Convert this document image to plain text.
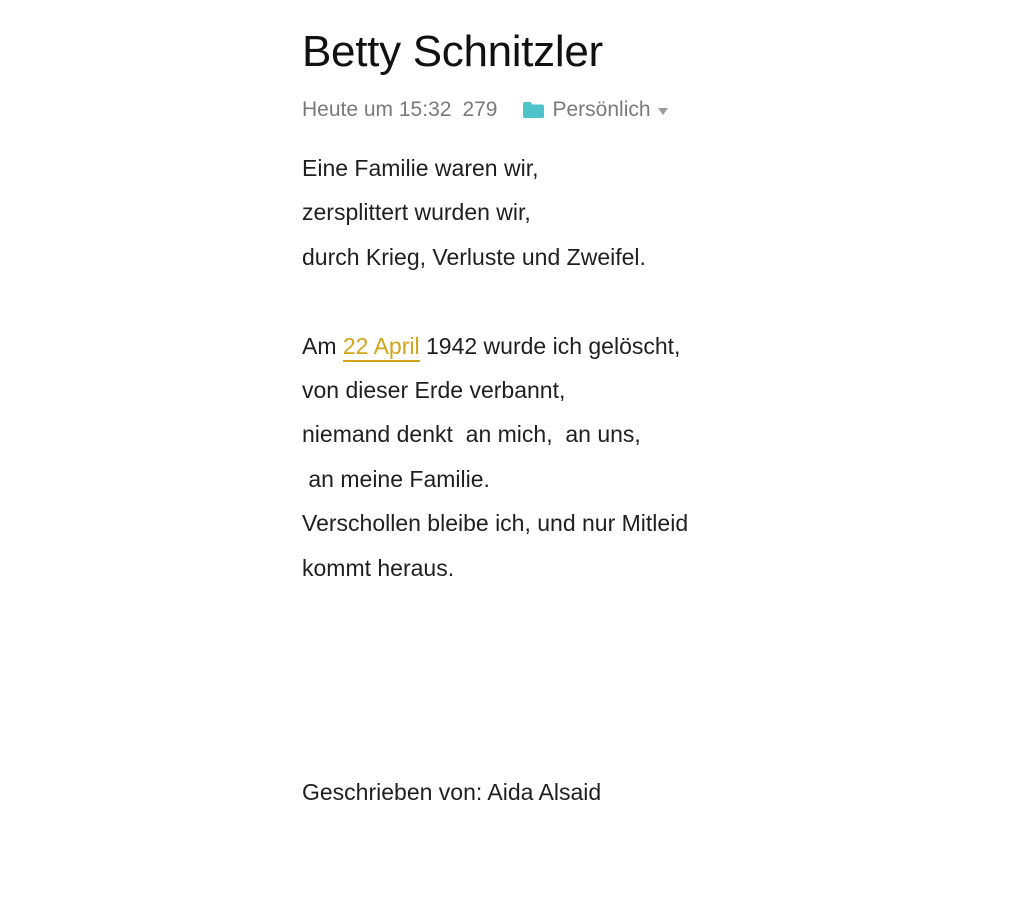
Betty Schnitzler
Heute um 15:32 279	Persönlich
Eine Familie waren wir,
zersplittert wurden wir,
durch Krieg, Verluste und Zweifel.
Am 22 April 1942 wurde ich gelöscht,
von dieser Erde verbannt,
niemand denkt  an mich,  an uns,
an meine Familie.
Verschollen bleibe ich, und nur Mitleid
kommt heraus.
Geschrieben von: Aida Alsaid
